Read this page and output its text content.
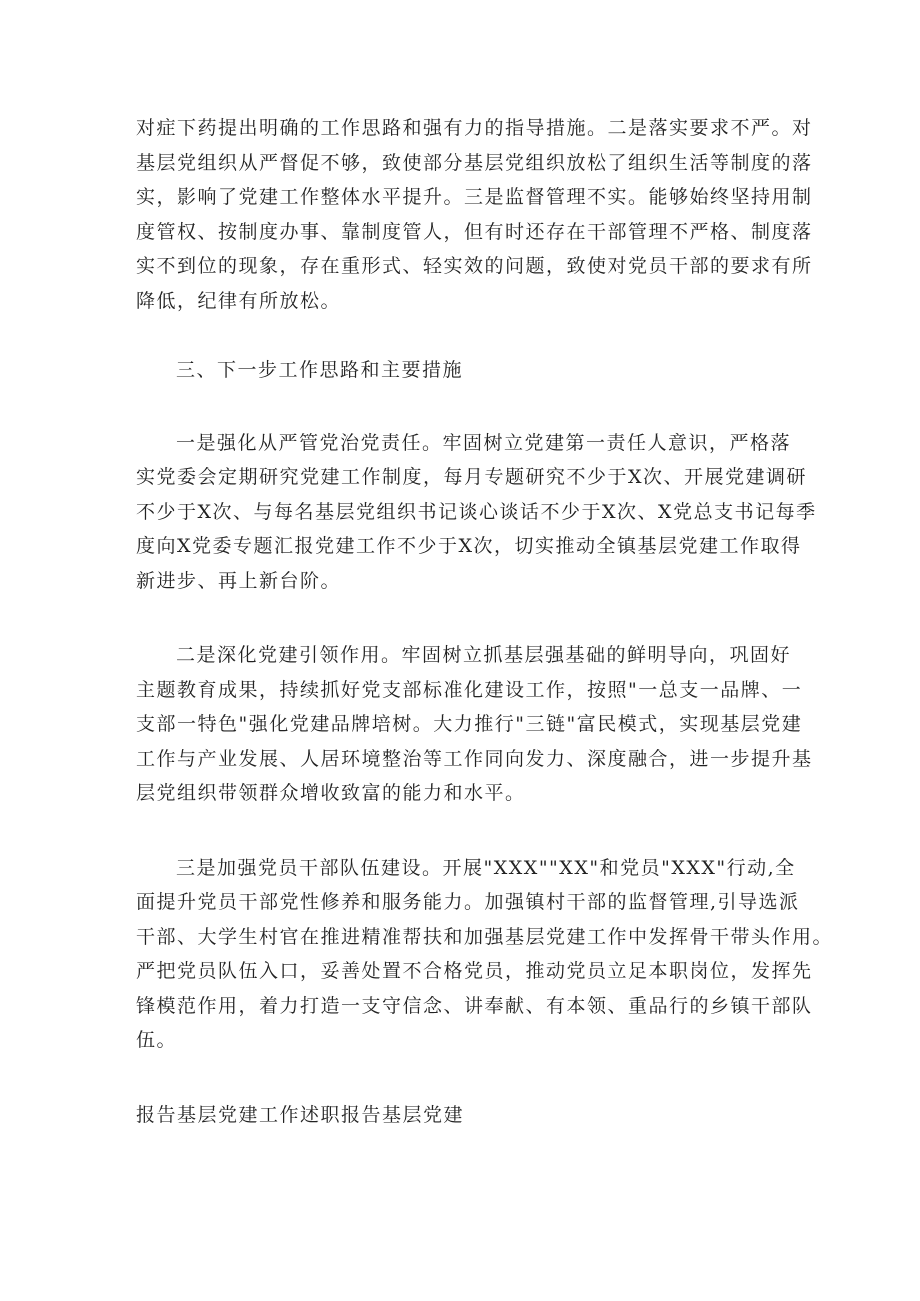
对症下药提出明确的工作思路和强有力的指导措施。二是落实要求不严。对
基层党组织从严督促不够，致使部分基层党组织放松了组织生活等制度的落
实，影响了党建工作整体水平提升。三是监督管理不实。能够始终坚持用制
度管权、按制度办事、靠制度管人，但有时还存在干部管理不严格、制度落
实不到位的现象，存在重形式、轻实效的问题，致使对党员干部的要求有所
降低，纪律有所放松。
三、下一步工作思路和主要措施
一是强化从严管党治党责任。牢固树立党建第一责任人意识，严格落
实党委会定期研究党建工作制度，每月专题研究不少于X次、开展党建调研
不少于X次、与每名基层党组织书记谈心谈话不少于X次、X党总支书记每季
度向X党委专题汇报党建工作不少于X次，切实推动全镇基层党建工作取得
新进步、再上新台阶。
二是深化党建引领作用。牢固树立抓基层强基础的鲜明导向，巩固好
主题教育成果，持续抓好党支部标准化建设工作，按照"一总支一品牌、一
支部一特色"强化党建品牌培树。大力推行"三链"富民模式，实现基层党建
工作与产业发展、人居环境整治等工作同向发力、深度融合，进一步提升基
层党组织带领群众增收致富的能力和水平。
三是加强党员干部队伍建设。开展"XXX""XX"和党员"XXX"行动,全
面提升党员干部党性修养和服务能力。加强镇村干部的监督管理,引导选派
干部、大学生村官在推进精准帮扶和加强基层党建工作中发挥骨干带头作用。
严把党员队伍入口，妥善处置不合格党员，推动党员立足本职岗位，发挥先
锋模范作用，着力打造一支守信念、讲奉献、有本领、重品行的乡镇干部队
伍。
报告基层党建工作述职报告基层党建
